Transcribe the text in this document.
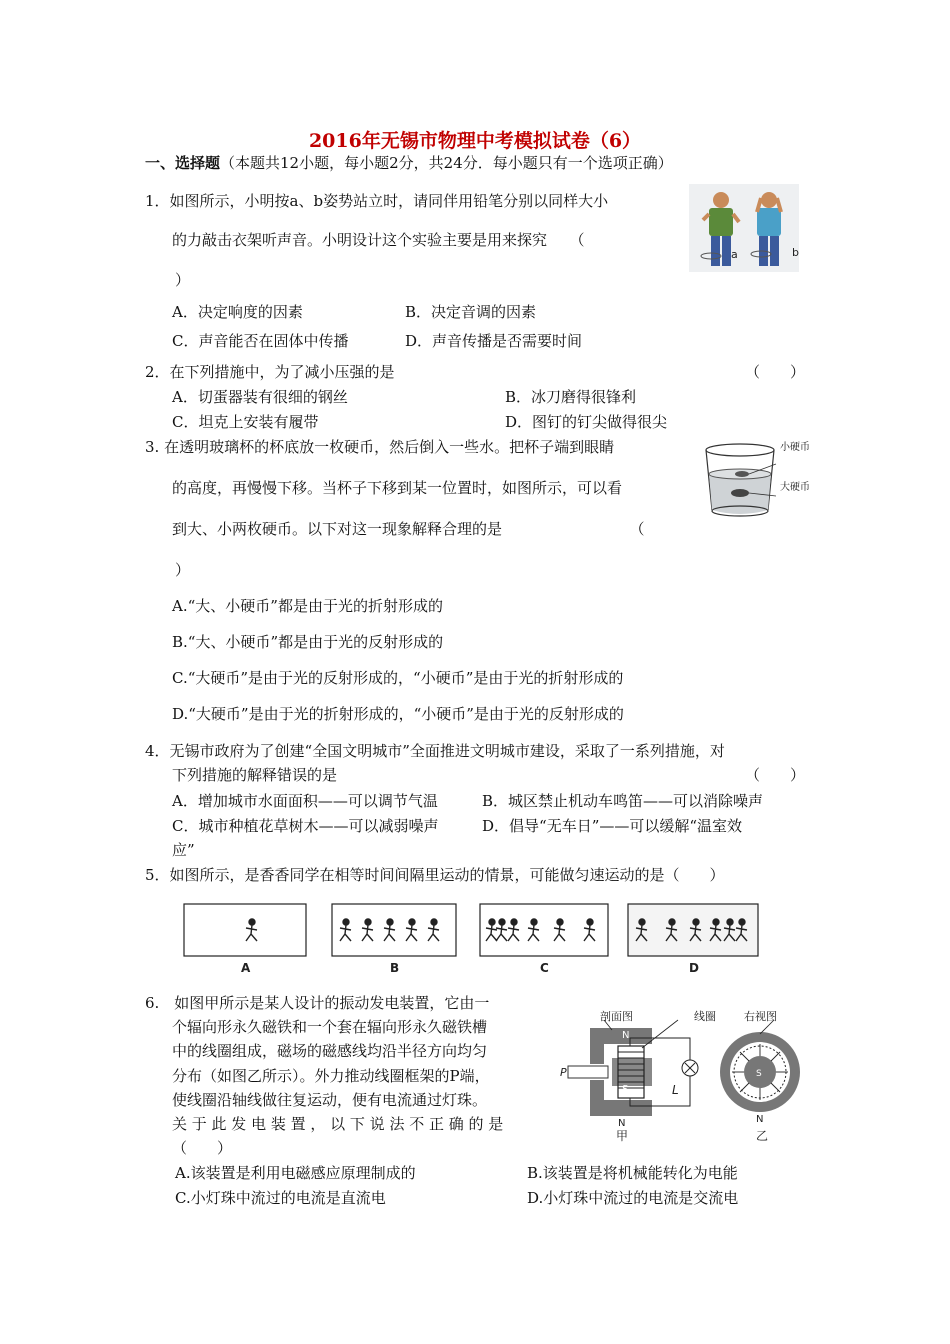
2016年无锡市物理中考模拟试卷（6）
一、选择题（本题共12小题，每小题2分，共24分．每小题只有一个选项正确）
1．如图所示，小明按a、b姿势站立时，请同伴用铅笔分别以同样大小
的力敲击衣架听声音。小明设计这个实验主要是用来探究　　（
）
A．决定响度的因素	B．决定音调的因素
C．声音能否在固体中传播	D．声音传播是否需要时间
a	b
2．在下列措施中，为了减小压强的是	（　　）
A．切蛋器装有很细的钢丝	B．冰刀磨得很锋利
C．坦克上安装有履带	D．图钉的钉尖做得很尖
3. 在透明玻璃杯的杯底放一枚硬币，然后倒入一些水。把杯子端到眼睛
的高度，再慢慢下移。当杯子下移到某一位置时，如图所示，可以看
到大、小两枚硬币。以下对这一现象解释合理的是　　　　　　　　　（
）
A.“大、小硬币”都是由于光的折射形成的
B.“大、小硬币”都是由于光的反射形成的
C.“大硬币”是由于光的反射形成的，“小硬币”是由于光的折射形成的
D.“大硬币”是由于光的折射形成的，“小硬币”是由于光的反射形成的
小硬币
大硬币
4．无锡市政府为了创建“全国文明城市”全面推进文明城市建设，采取了一系列措施，对
下列措施的解释错误的是	（　　）
A．增加城市水面面积——可以调节气温	B．城区禁止机动车鸣笛——可以消除噪声
C．城市种植花草树木——可以减弱噪声	D．倡导“无车日”——可以缓解“温室效
应”
5．如图所示，是香香同学在相等时间间隔里运动的情景，可能做匀速运动的是（　　）
A	B	C	D
6.　如图甲所示是某人设计的振动发电装置，它由一
个辐向形永久磁铁和一个套在辐向形永久磁铁槽
中的线圈组成，磁场的磁感线均沿半径方向均匀
分布（如图乙所示）。外力推动线圈框架的P端，
使线圈沿轴线做往复运动，便有电流通过灯珠。
关 于 此 发 电 装 置 ， 以 下 说 法 不 正 确 的 是
（　　）
A.该装置是利用电磁感应原理制成的	B.该装置是将机械能转化为电能
C.小灯珠中流过的电流是直流电	D.小灯珠中流过的电流是交流电
剖面图	线圈
N
S
N
P
L
甲
右视图
S
N
乙
